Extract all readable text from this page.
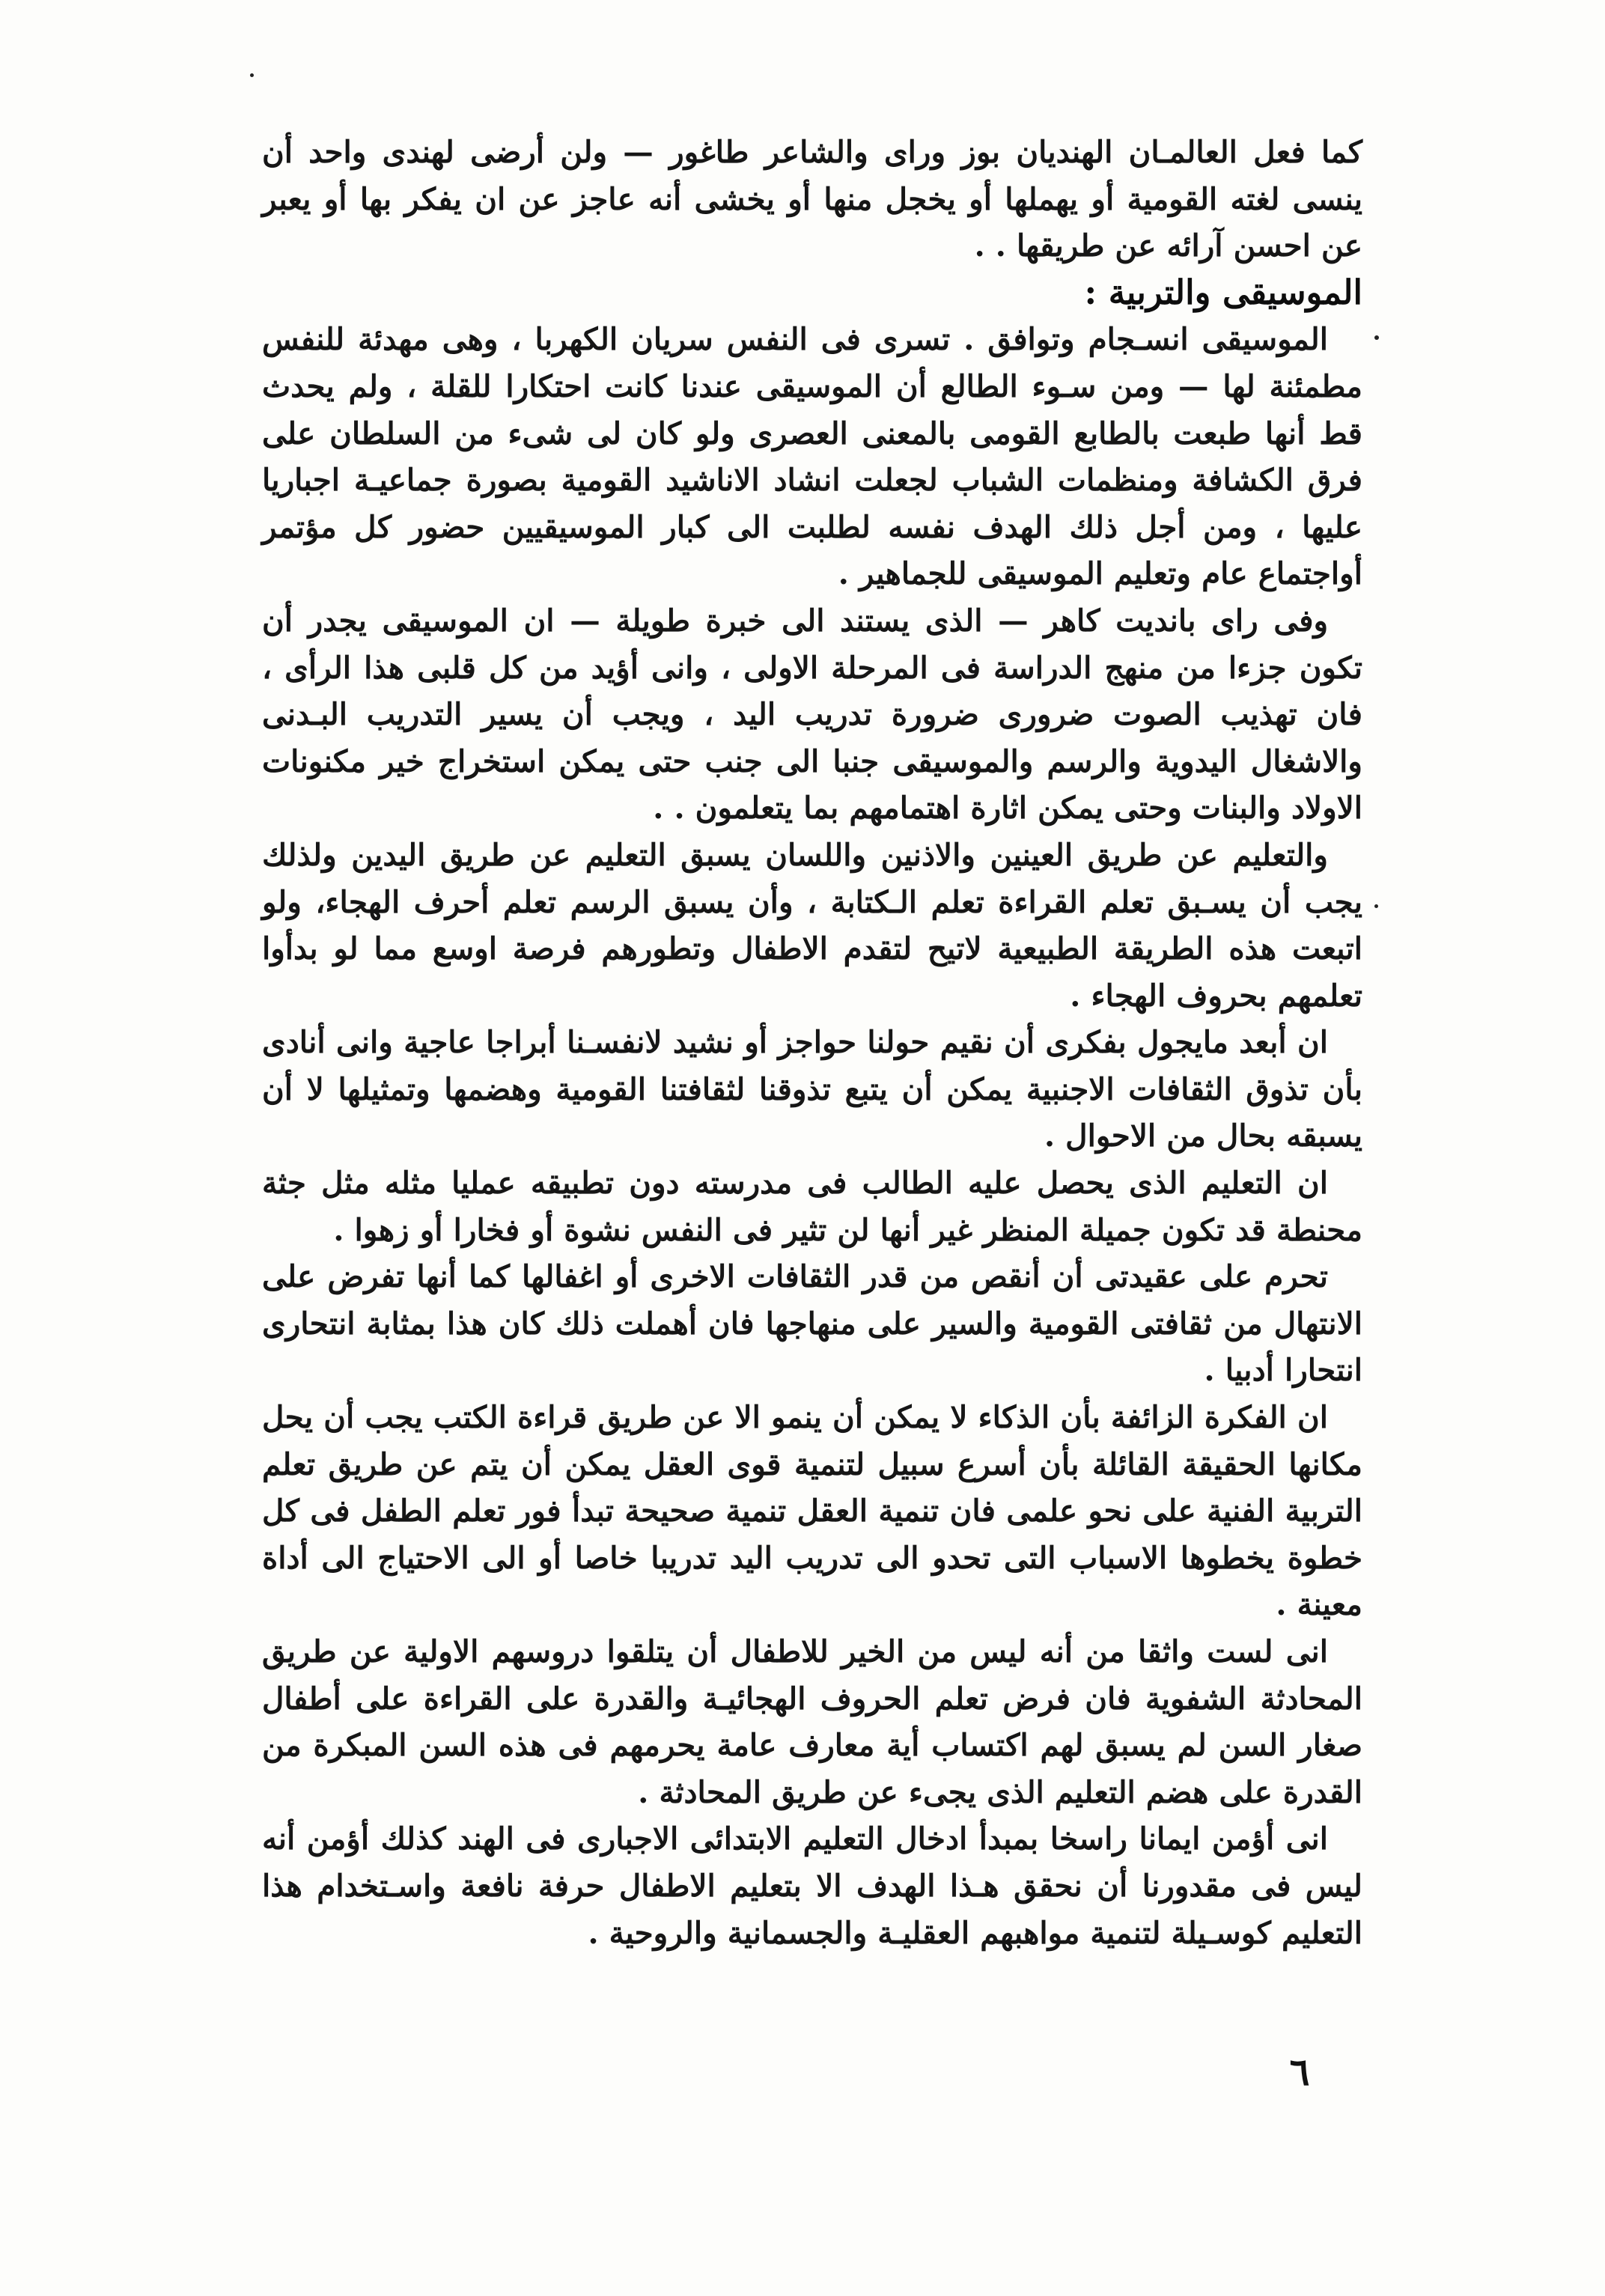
كما فعل العالمـان الهنديان بوز وراى والشاعر طاغور — ولن أرضى لهندى واحد أن ينسى لغته القومية أو يهملها أو يخجل منها أو يخشى أنه عاجز عن ان يفكر بها أو يعبر عن احسن آرائه عن طريقها . .

الموسيقى والتربية :

الموسيقى انسـجام وتوافق . تسرى فى النفس سريان الكهربا ، وهى مهدئة للنفس مطمئنة لها — ومن سـوء الطالع أن الموسيقى عندنا كانت احتكارا للقلة ، ولم يحدث قط أنها طبعت بالطابع القومى بالمعنى العصرى ولو كان لى شىء من السلطان على فرق الكشافة ومنظمات الشباب لجعلت انشاد الاناشيد القومية بصورة جماعيـة اجباريا عليها ، ومن أجل ذلك الهدف نفسه لطلبت الى كبار الموسيقيين حضور كل مؤتمر أواجتماع عام وتعليم الموسيقى للجماهير .

وفى راى بانديت كاهر — الذى يستند الى خبرة طويلة — ان الموسيقى يجدر أن تكون جزءا من منهج الدراسة فى المرحلة الاولى ، وانى أؤيد من كل قلبى هذا الرأى ، فان تهذيب الصوت ضرورى ضرورة تدريب اليد ، ويجب أن يسير التدريب البـدنى والاشغال اليدوية والرسم والموسيقى جنبا الى جنب حتى يمكن استخراج خير مكنونات الاولاد والبنات وحتى يمكن اثارة اهتمامهم بما يتعلمون . .

والتعليم عن طريق العينين والاذنين واللسان يسبق التعليم عن طريق اليدين ولذلك يجب أن يسـبق تعلم القراءة تعلم الـكتابة ، وأن يسبق الرسم تعلم أحرف الهجاء، ولو اتبعت هذه الطريقة الطبيعية لاتيح لتقدم الاطفال وتطورهم فرصة اوسع مما لو بدأوا تعلمهم بحروف الهجاء .

ان أبعد مايجول بفكرى أن نقيم حولنا حواجز أو نشيد لانفسـنا أبراجا عاجية وانى أنادى بأن تذوق الثقافات الاجنبية يمكن أن يتبع تذوقنا لثقافتنا القومية وهضمها وتمثيلها لا أن يسبقه بحال من الاحوال .

ان التعليم الذى يحصل عليه الطالب فى مدرسته دون تطبيقه عمليا مثله مثل جثة محنطة قد تكون جميلة المنظر غير أنها لن تثير فى النفس نشوة أو فخارا أو زهوا .

تحرم على عقيدتى أن أنقص من قدر الثقافات الاخرى أو اغفالها كما أنها تفرض على الانتهال من ثقافتى القومية والسير على منهاجها فان أهملت ذلك كان هذا بمثابة انتحارى انتحارا أدبيا .

ان الفكرة الزائفة بأن الذكاء لا يمكن أن ينمو الا عن طريق قراءة الكتب يجب أن يحل مكانها الحقيقة القائلة بأن أسرع سبيل لتنمية قوى العقل يمكن أن يتم عن طريق تعلم التربية الفنية على نحو علمى فان تنمية العقل تنمية صحيحة تبدأ فور تعلم الطفل فى كل خطوة يخطوها الاسباب التى تحدو الى تدريب اليد تدريبا خاصا أو الى الاحتياج الى أداة معينة .

انى لست واثقا من أنه ليس من الخير للاطفال أن يتلقوا دروسهم الاولية عن طريق المحادثة الشفوية فان فرض تعلم الحروف الهجائيـة والقدرة على القراءة على أطفال صغار السن لم يسبق لهم اكتساب أية معارف عامة يحرمهم فى هذه السن المبكرة من القدرة على هضم التعليم الذى يجىء عن طريق المحادثة .

انى أؤمن ايمانا راسخا بمبدأ ادخال التعليم الابتدائى الاجبارى فى الهند كذلك أؤمن أنه ليس فى مقدورنا أن نحقق هـذا الهدف الا بتعليم الاطفال حرفة نافعة واسـتخدام هذا التعليم كوسـيلة لتنمية مواهبهم العقليـة والجسمانية والروحية .

٦
